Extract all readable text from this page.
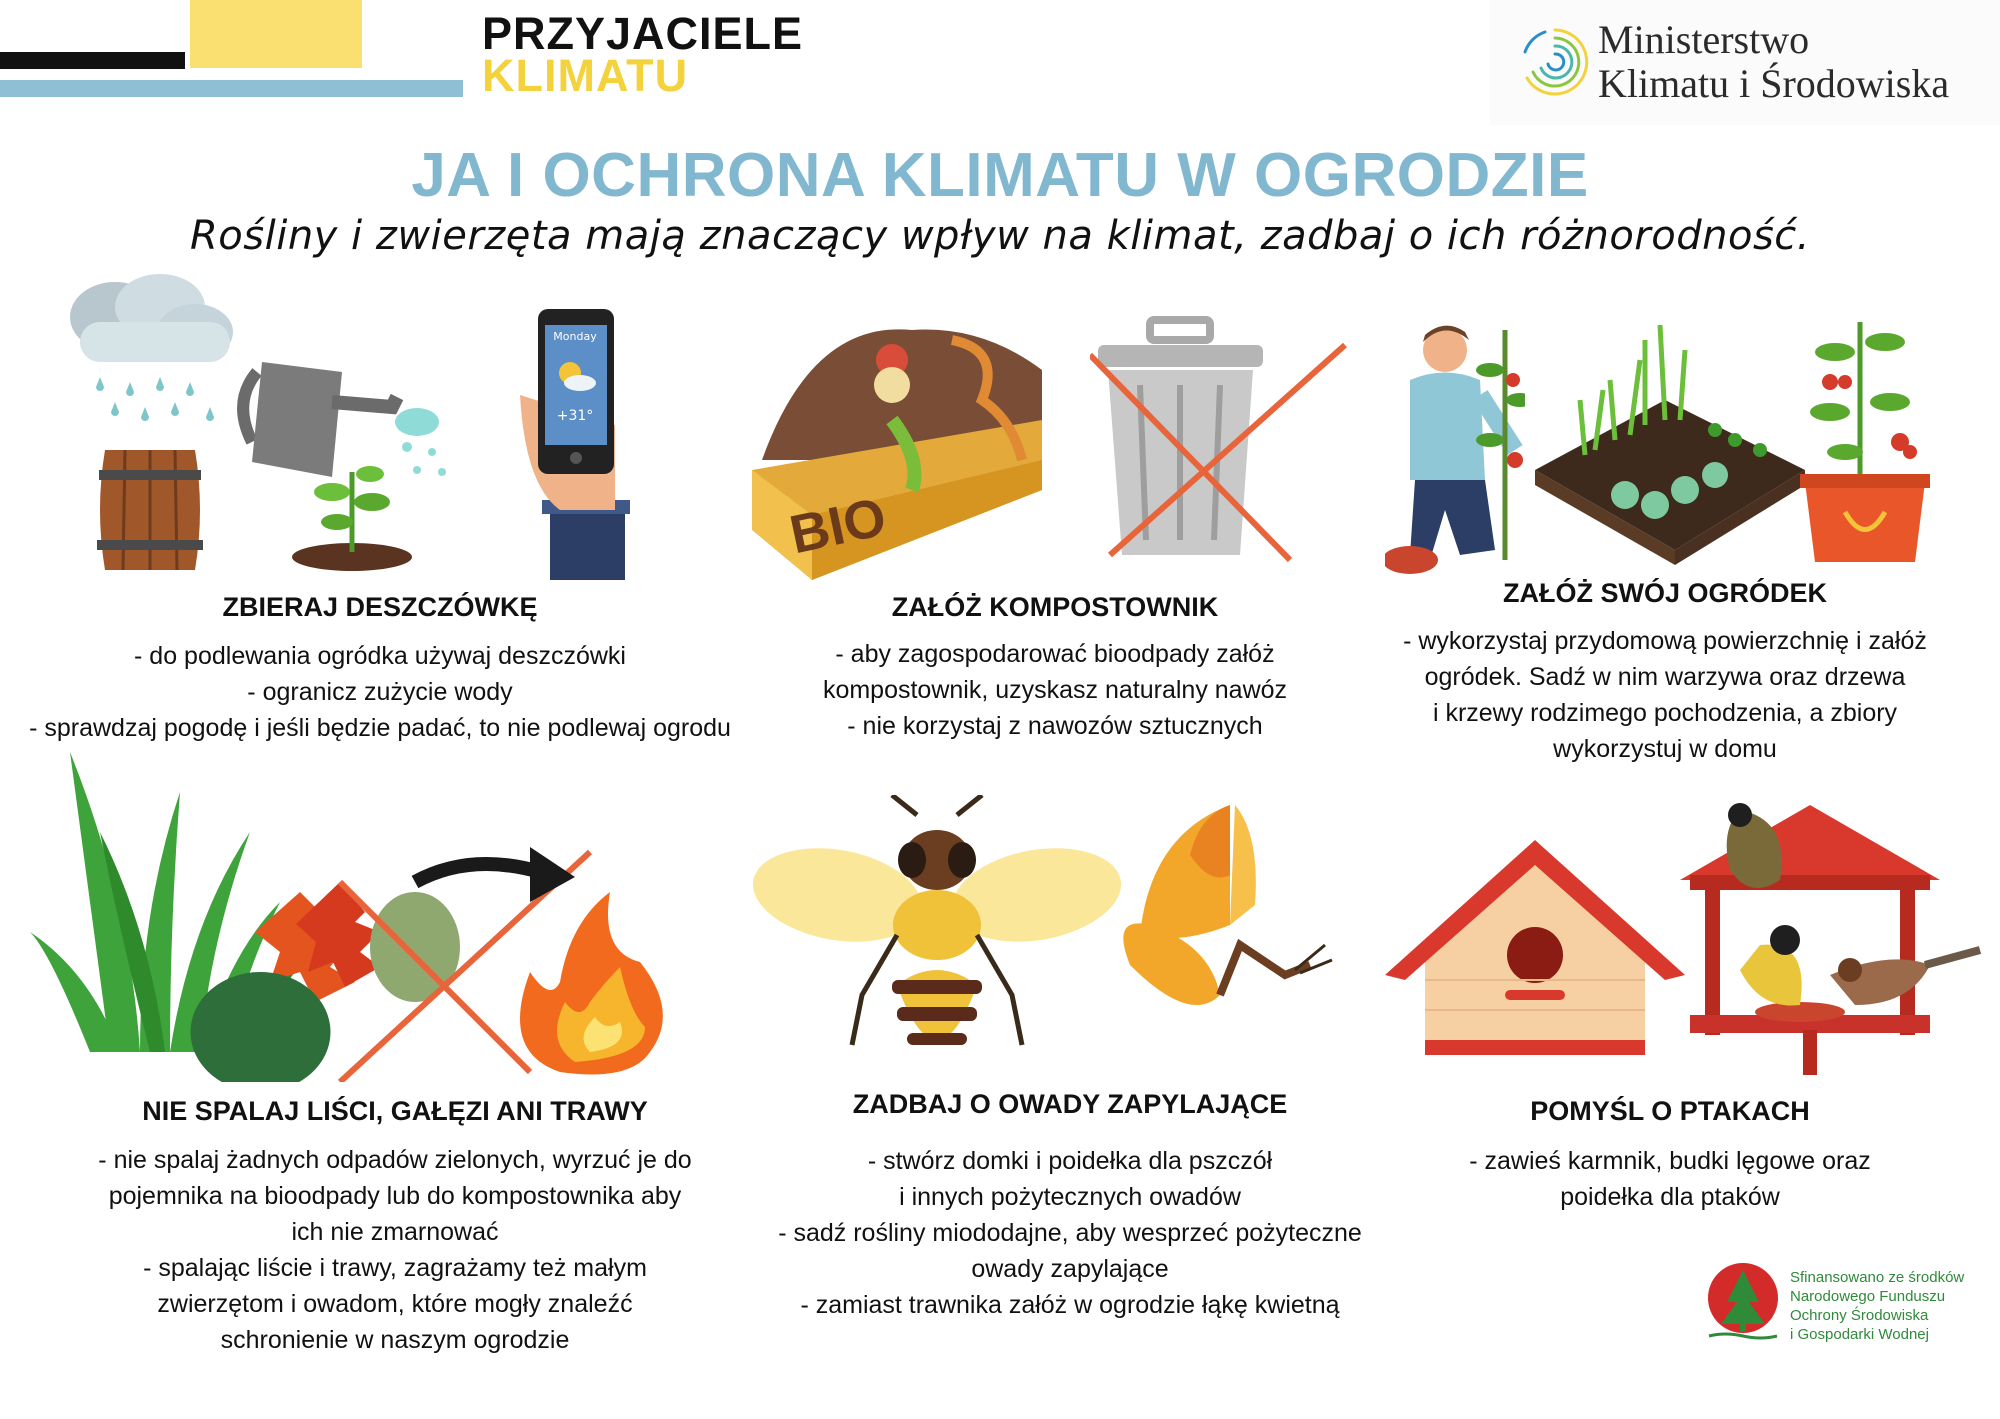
PRZYJACIELE
KLIMATU
Ministerstwo
Klimatu i Środowiska
JA I OCHRONA KLIMATU W OGRODZIE
Rośliny i zwierzęta mają znaczący wpływ na klimat, zadbaj o ich różnorodność.
Monday
+31°
ZBIERAJ DESZCZÓWKĘ
- do podlewania ogródka używaj deszczówki
- ogranicz zużycie wody
- sprawdzaj pogodę i jeśli będzie padać, to nie podlewaj ogrodu
BIO
ZAŁÓŻ KOMPOSTOWNIK
- aby zagospodarować bioodpady załóż
kompostownik, uzyskasz naturalny nawóz
- nie korzystaj z nawozów sztucznych
ZAŁÓŻ SWÓJ OGRÓDEK
- wykorzystaj przydomową powierzchnię i załóż
ogródek. Sadź w nim warzywa oraz drzewa
i krzewy rodzimego pochodzenia, a zbiory
wykorzystuj w domu
NIE SPALAJ LIŚCI, GAŁĘZI ANI TRAWY
- nie spalaj żadnych odpadów zielonych, wyrzuć je do
pojemnika na bioodpady lub do kompostownika aby
ich nie zmarnować
- spalając liście i trawy, zagrażamy też małym
zwierzętom i owadom, które mogły znaleźć
schronienie w naszym ogrodzie
ZADBAJ O OWADY ZAPYLAJĄCE
- stwórz domki i poidełka dla pszczół
i innych pożytecznych owadów
- sadź rośliny miododajne, aby wesprzeć pożyteczne
owady zapylające
- zamiast trawnika załóż w ogrodzie łąkę kwietną
POMYŚL O PTAKACH
- zawieś karmnik, budki lęgowe oraz
poidełka dla ptaków
Sfinansowano ze środków
Narodowego Funduszu
Ochrony Środowiska
i Gospodarki Wodnej
